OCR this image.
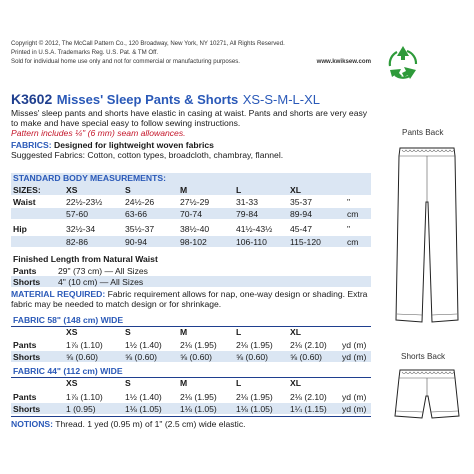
Copyright © 2012, The McCall Pattern Co., 120 Broadway, New York, NY 10271, All Rights Reserved.
Printed in U.S.A. Trademarks Reg. U.S. Pat. & TM Off.
Sold for individual home use only and not for commercial or manufacturing purposes.	www.kwiksew.com
K3602 Misses' Sleep Pants & Shorts XS-S-M-L-XL
Misses' sleep pants and shorts have elastic in casing at waist. Pants and shorts are very easy to make and have special easy to follow sewing instructions.
Pattern includes ¼" (6 mm) seam allowances.
FABRICS: Designed for lightweight woven fabrics
Suggested Fabrics: Cotton, cotton types, broadcloth, chambray, flannel.
STANDARD BODY MEASUREMENTS:
SIZES:	XS	S	M	L	XL
Waist	22½-23½	24½-26	27½-29	31-33	35-37	"
57-60	63-66	70-74	79-84	89-94	cm
Hip	32½-34	35½-37	38½-40	41½-43½ 45-47	"
82-86	90-94	98-102	106-110	115-120	cm
Finished Length from Natural Waist
Pants	29" (73 cm) — All Sizes
Shorts 4" (10 cm) — All Sizes
MATERIAL REQUIRED: Fabric requirement allows for nap, one-way design or shading. Extra fabric may be needed to match design or for shrinkage.
FABRIC 58" (148 cm) WIDE
XS	S	M	L	XL
Pants	1⅞ (1.10)	1½ (1.40) 2⅛ (1.95) 2⅛ (1.95) 2⅛ (2.10) yd (m)
Shorts	⅝ (0.60)	⅝ (0.60)	⅝ (0.60)	⅝ (0.60)	⅝ (0.60) yd (m)
FABRIC 44" (112 cm) WIDE
XS	S	M	L	XL
Pants	1⅞ (1.10)	1½ (1.40) 2⅛ (1.95) 2⅛ (1.95) 2⅛ (2.10) yd (m)
Shorts	1 (0.95)	1⅛ (1.05) 1⅛ (1.05) 1⅛ (1.05) 1¼ (1.15) yd (m)
NOTIONS: Thread. 1 yed (0.95 m) of 1" (2.5 cm) wide elastic.
Pants Back
Shorts Back
